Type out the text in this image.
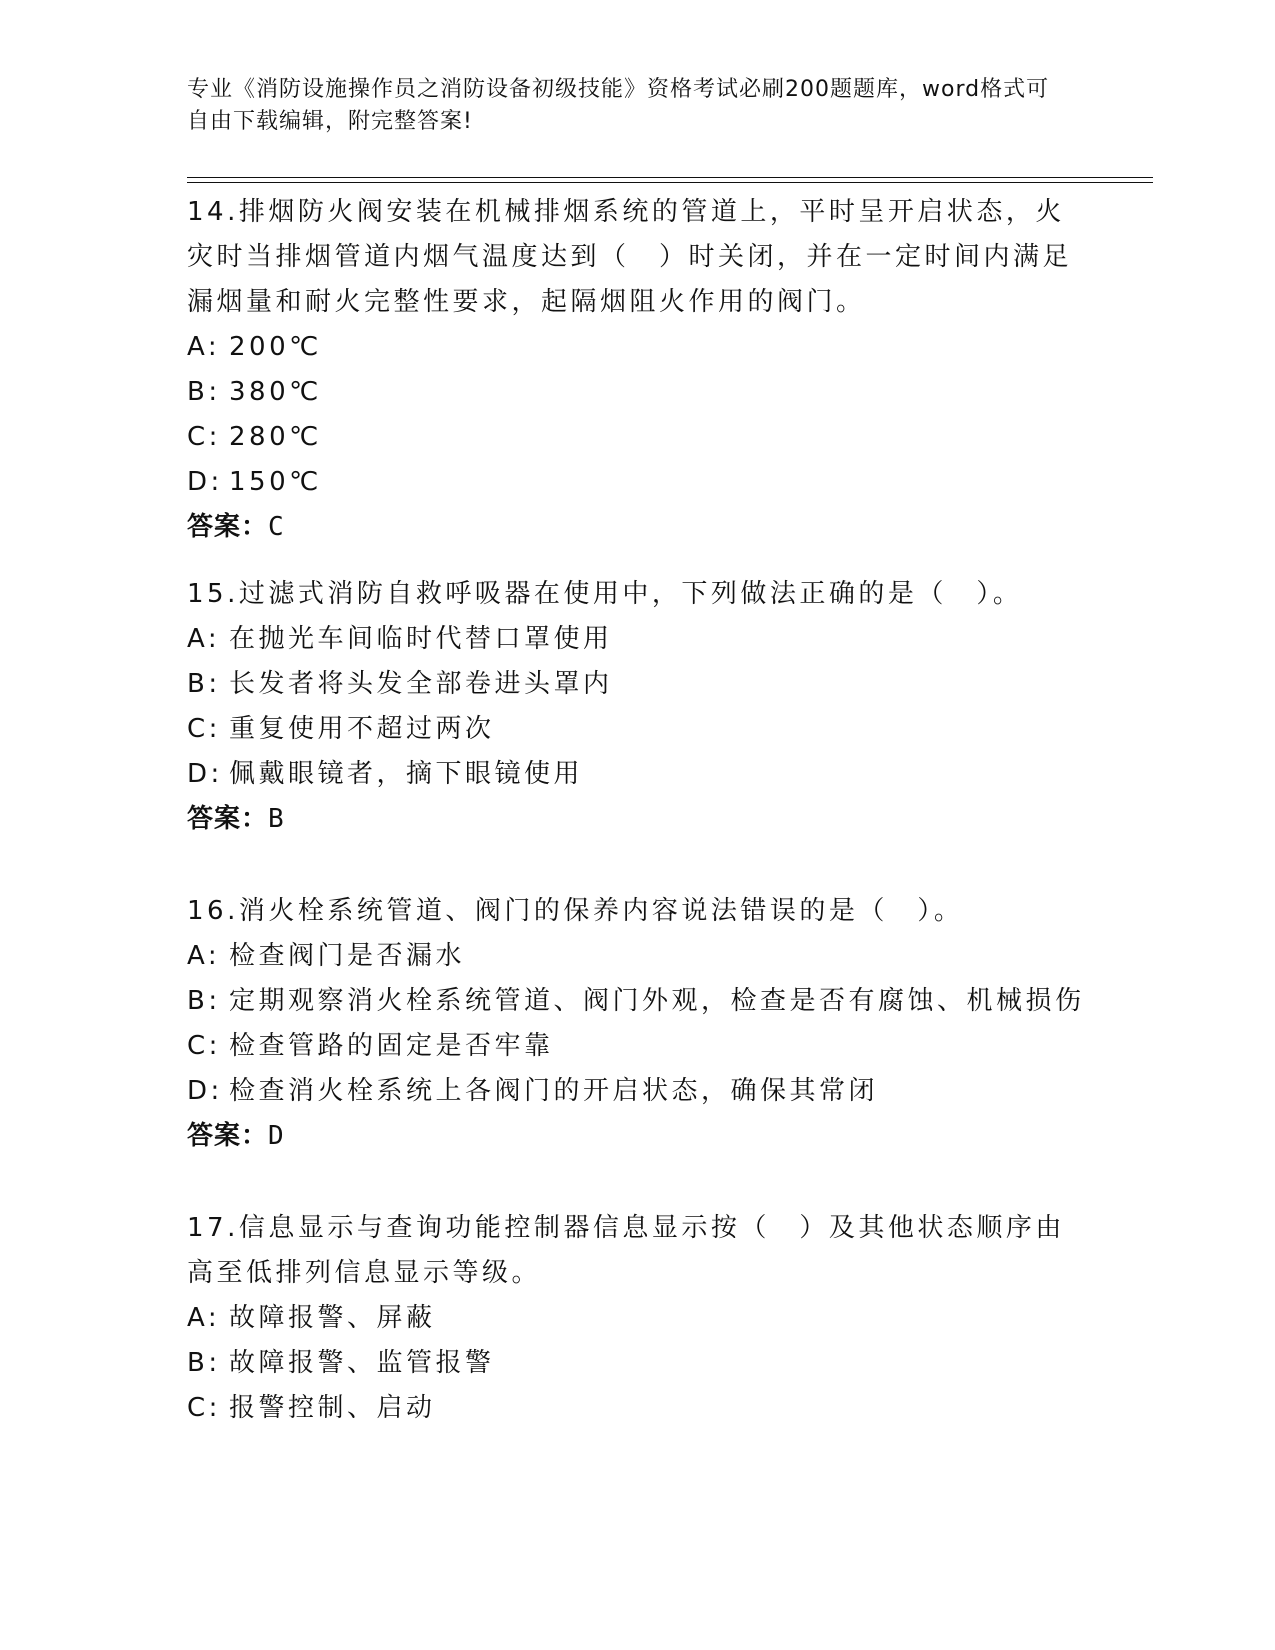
专业《消防设施操作员之消防设备初级技能》资格考试必刷200题题库，word格式可自由下载编辑，附完整答案!

14.排烟防火阀安装在机械排烟系统的管道上，平时呈开启状态，火灾时当排烟管道内烟气温度达到（　）时关闭，并在一定时间内满足漏烟量和耐火完整性要求，起隔烟阻火作用的阀门。

A: 200℃
B: 380℃
C: 280℃
D: 150℃
答案：C

15.过滤式消防自救呼吸器在使用中，下列做法正确的是（　）。

A: 在抛光车间临时代替口罩使用
B: 长发者将头发全部卷进头罩内
C: 重复使用不超过两次
D: 佩戴眼镜者，摘下眼镜使用
答案：B

16.消火栓系统管道、阀门的保养内容说法错误的是（　）。

A: 检查阀门是否漏水
B: 定期观察消火栓系统管道、阀门外观，检查是否有腐蚀、机械损伤
C: 检查管路的固定是否牢靠
D: 检查消火栓系统上各阀门的开启状态，确保其常闭
答案：D

17.信息显示与查询功能控制器信息显示按（　）及其他状态顺序由高至低排列信息显示等级。

A: 故障报警、屏蔽
B: 故障报警、监管报警
C: 报警控制、启动
